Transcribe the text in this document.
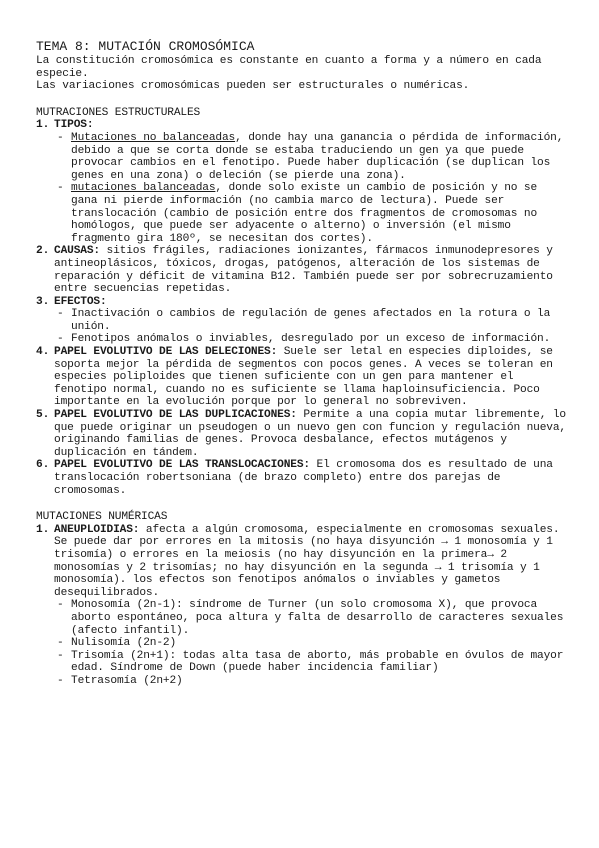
TEMA 8: MUTACIÓN CROMOSÓMICA

La constitución cromosómica es constante en cuanto a forma y a número en cada especie.

Las variaciones cromosómicas pueden ser estructurales o numéricas.

MUTRACIONES ESTRUCTURALES

1. TIPOS:
- Mutaciones no balanceadas, donde hay una ganancia o pérdida de información, debido a que se corta donde se estaba traduciendo un gen ya que puede provocar cambios en el fenotipo. Puede haber duplicación (se duplican los genes en una zona) o deleción (se pierde una zona).
- mutaciones balanceadas, donde solo existe un cambio de posición y no se gana ni pierde información (no cambia marco de lectura). Puede ser translocación (cambio de posición entre dos fragmentos de cromosomas no homólogos, que puede ser adyacente o alterno) o inversión (el mismo fragmento gira 180º, se necesitan dos cortes).
2. CAUSAS: sitios frágiles, radiaciones ionizantes, fármacos inmunodepresores y antineoplásicos, tóxicos, drogas, patógenos, alteración de los sistemas de reparación y déficit de vitamina B12. También puede ser por sobrecruzamiento entre secuencias repetidas.
3. EFECTOS:
- Inactivación o cambios de regulación de genes afectados en la rotura o la unión.
- Fenotipos anómalos o inviables, desregulado por un exceso de información.
4. PAPEL EVOLUTIVO DE LAS DELECIONES: Suele ser letal en especies diploides, se soporta mejor la pérdida de segmentos con pocos genes. A veces se toleran en especies poliploides que tienen suficiente con un gen para mantener el fenotipo normal, cuando no es suficiente se llama haploinsuficiencia. Poco importante en la evolución porque por lo general no sobreviven.
5. PAPEL EVOLUTIVO DE LAS DUPLICACIONES: Permite a una copia mutar libremente, lo que puede originar un pseudogen o un nuevo gen con funcion y regulación nueva, originando familias de genes. Provoca desbalance, efectos mutágenos y duplicación en tándem.
6. PAPEL EVOLUTIVO DE LAS TRANSLOCACIONES: El cromosoma dos es resultado de una translocación robertsoniana (de brazo completo) entre dos parejas de cromosomas.

MUTACIONES NUMÉRICAS

1. ANEUPLOIDIAS: afecta a algún cromosoma, especialmente en cromosomas sexuales. Se puede dar por errores en la mitosis (no haya disyunción → 1 monosomía y 1 trisomía) o errores en la meiosis (no hay disyunción en la primera→ 2 monosomías y 2 trisomías; no hay disyunción en la segunda → 1 trisomía y 1 monosomía). los efectos son fenotipos anómalos o inviables y gametos desequilibrados.
- Monosomía (2n-1): síndrome de Turner (un solo cromosoma X), que provoca aborto espontáneo, poca altura y falta de desarrollo de caracteres sexuales (afecto infantil).
- Nulisomía (2n-2)
- Trisomía (2n+1): todas alta tasa de aborto, más probable en óvulos de mayor edad. Síndrome de Down (puede haber incidencia familiar)
- Tetrasomía (2n+2)
